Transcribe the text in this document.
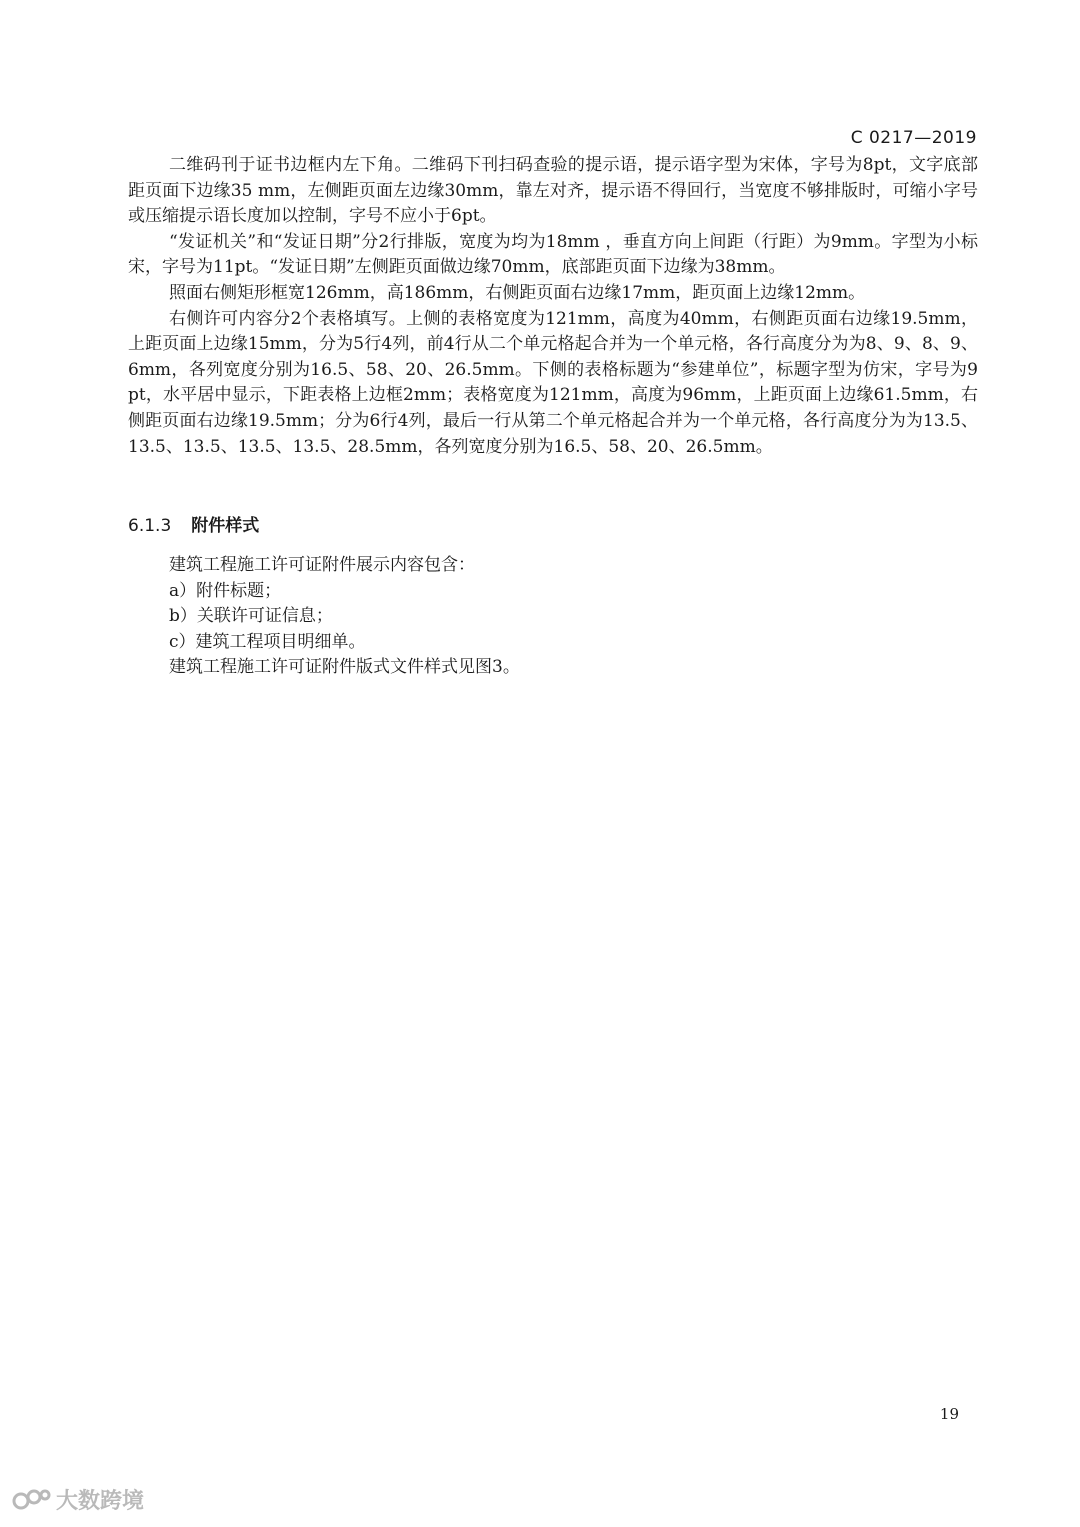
C 0217—2019

二维码刊于证书边框内左下角。二维码下刊扫码查验的提示语，提示语字型为宋体，字号为8pt，文字底部距页面下边缘35 mm，左侧距页面左边缘30mm，靠左对齐，提示语不得回行，当宽度不够排版时，可缩小字号或压缩提示语长度加以控制，字号不应小于6pt。

“发证机关”和“发证日期”分2行排版，宽度为均为18mm ，垂直方向上间距（行距）为9mm。字型为小标宋，字号为11pt。“发证日期”左侧距页面做边缘70mm，底部距页面下边缘为38mm。

照面右侧矩形框宽126mm，高186mm，右侧距页面右边缘17mm，距页面上边缘12mm。

右侧许可内容分2个表格填写。上侧的表格宽度为121mm，高度为40mm，右侧距页面右边缘19.5mm，上距页面上边缘15mm，分为5行4列，前4行从二个单元格起合并为一个单元格，各行高度分为为8、9、8、9、6mm，各列宽度分别为16.5、58、20、26.5mm。下侧的表格标题为“参建单位”，标题字型为仿宋，字号为9 pt，水平居中显示，下距表格上边框2mm；表格宽度为121mm，高度为96mm，上距页面上边缘61.5mm，右侧距页面右边缘19.5mm；分为6行4列，最后一行从第二个单元格起合并为一个单元格，各行高度分为为13.5、13.5、13.5、13.5、13.5、28.5mm，各列宽度分别为16.5、58、20、26.5mm。

6.1.3 附件样式

建筑工程施工许可证附件展示内容包含：

a）附件标题；

b）关联许可证信息；

c）建筑工程项目明细单。

建筑工程施工许可证附件版式文件样式见图3。

19
大数跨境
